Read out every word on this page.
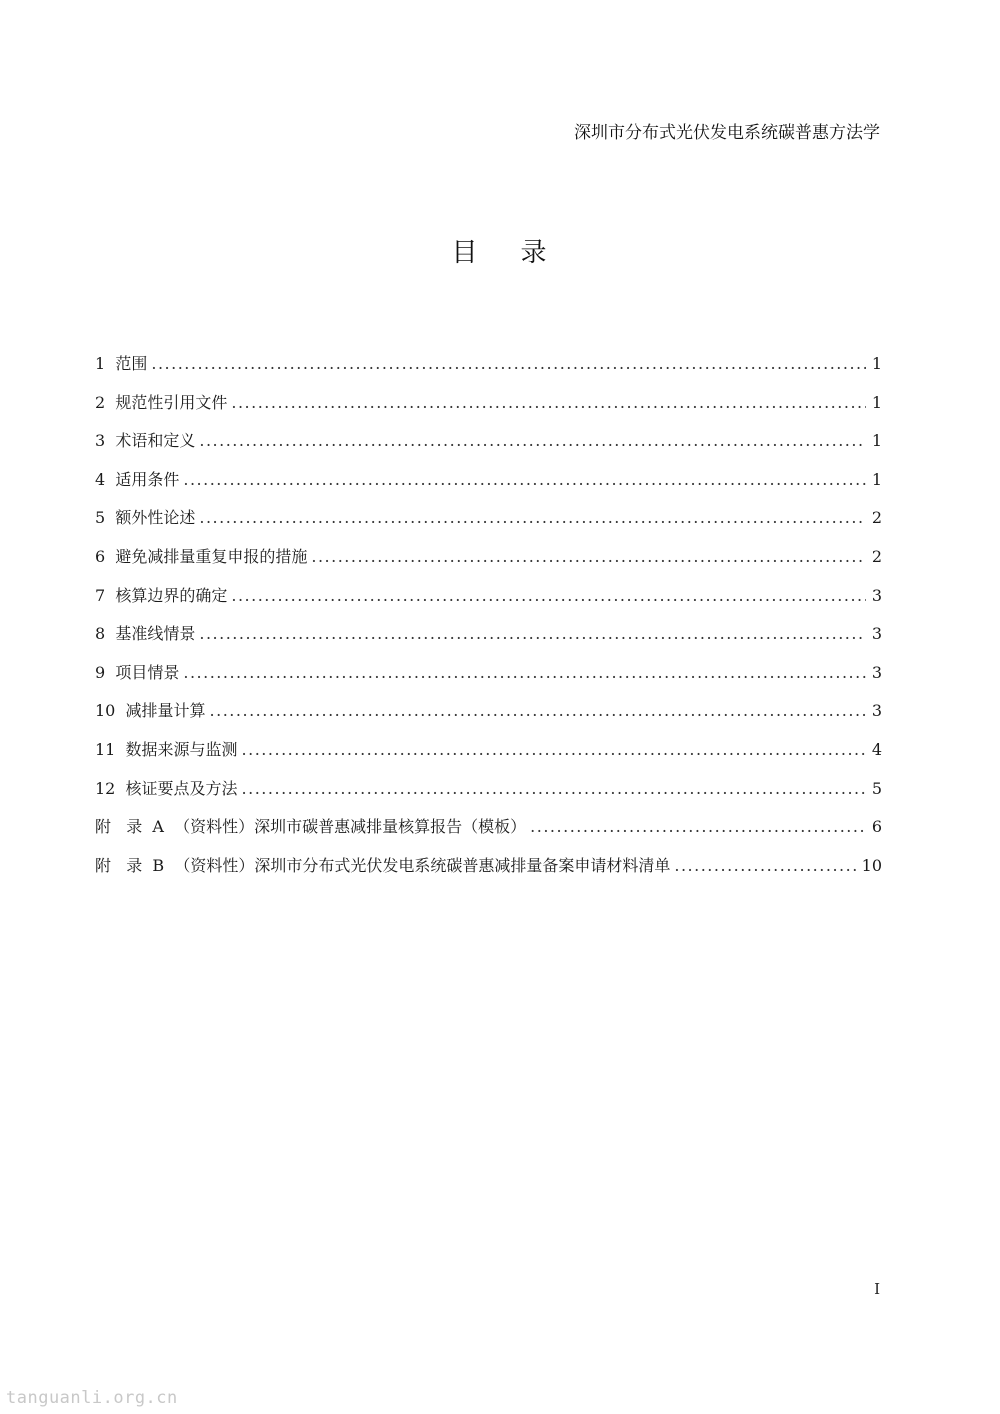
深圳市分布式光伏发电系统碳普惠方法学
目    录
1  范围 .....	1
2  规范性引用文件 .....	1
3  术语和定义 .....	1
4  适用条件 .....	1
5  额外性论述 .....	2
6  避免减排量重复申报的措施 .....	2
7  核算边界的确定 .....	3
8  基准线情景 .....	3
9  项目情景 .....	3
10  减排量计算 .....	3
11  数据来源与监测 .....	4
12  核证要点及方法 .....	5
附   录  A  （资料性）深圳市碳普惠减排量核算报告（模板） .....	6
附   录  B  （资料性）深圳市分布式光伏发电系统碳普惠减排量备案申请材料清单 .....	10
I
tanguanli.org.cn
